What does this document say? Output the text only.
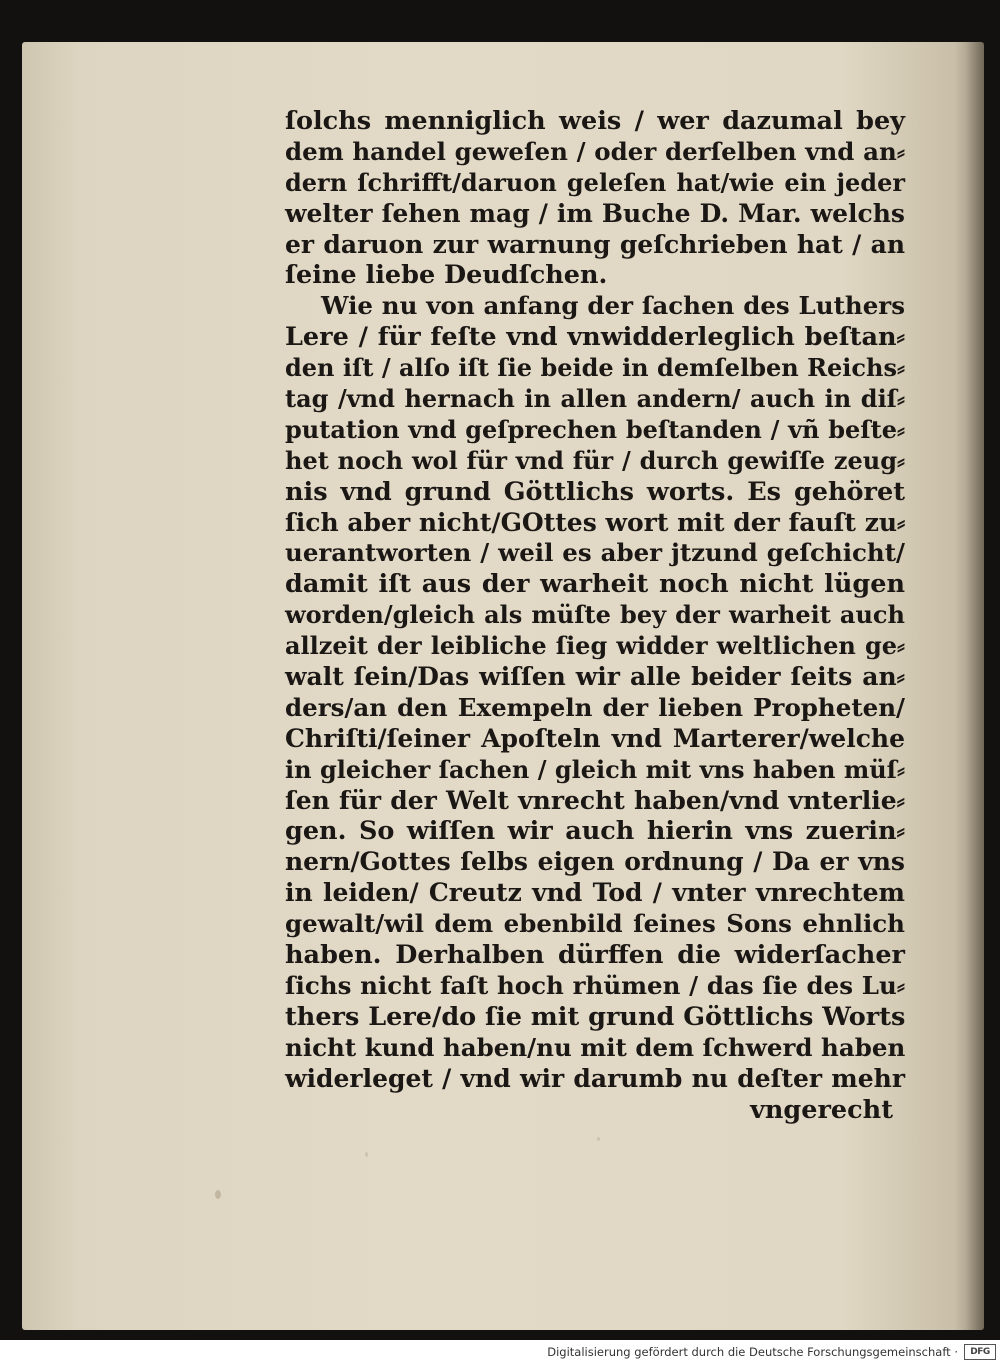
ſolchs menniglich weis / wer dazumal bey
dem handel geweſen / oder derſelben vnd an⸗
dern ſchrifft/daruon geleſen hat/wie ein jeder
welter ſehen mag / im Buche D. Mar. welchs
er daruon zur warnung geſchrieben hat / an
ſeine liebe Deudſchen.
Wie nu von anfang der ſachen des Luthers
Lere / für feſte vnd vnwidderleglich beſtan⸗
den iſt / alſo iſt ſie beide in demſelben Reichs⸗
tag /vnd hernach in allen andern/ auch in diſ⸗
putation vnd geſprechen beſtanden / vñ beſte⸗
het noch wol für vnd für / durch gewiſſe zeug⸗
nis vnd grund Göttlichs worts. Es gehöret
ſich aber nicht/GOttes wort mit der fauſt zu⸗
uerantworten / weil es aber jtzund geſchicht/
damit iſt aus der warheit noch nicht lügen
worden/gleich als müſte bey der warheit auch
allzeit der leibliche ſieg widder weltlichen ge⸗
walt ſein/Das wiſſen wir alle beider ſeits an⸗
ders/an den Exempeln der lieben Propheten/
Chriſti/ſeiner Apoſteln vnd Marterer/welche
in gleicher ſachen / gleich mit vns haben müſ⸗
ſen für der Welt vnrecht haben/vnd vnterlie⸗
gen. So wiſſen wir auch hierin vns zuerin⸗
nern/Gottes ſelbs eigen ordnung / Da er vns
in leiden/ Creutz vnd Tod / vnter vnrechtem
gewalt/wil dem ebenbild ſeines Sons ehnlich
haben. Derhalben dürffen die widerſacher
ſichs nicht faſt hoch rhümen / das ſie des Lu⸗
thers Lere/do ſie mit grund Göttlichs Worts
nicht kund haben/nu mit dem ſchwerd haben
widerleget / vnd wir darumb nu deſter mehr
vngerecht
Digitalisierung gefördert durch die Deutsche Forschungsgemeinschaft ·	DFG
